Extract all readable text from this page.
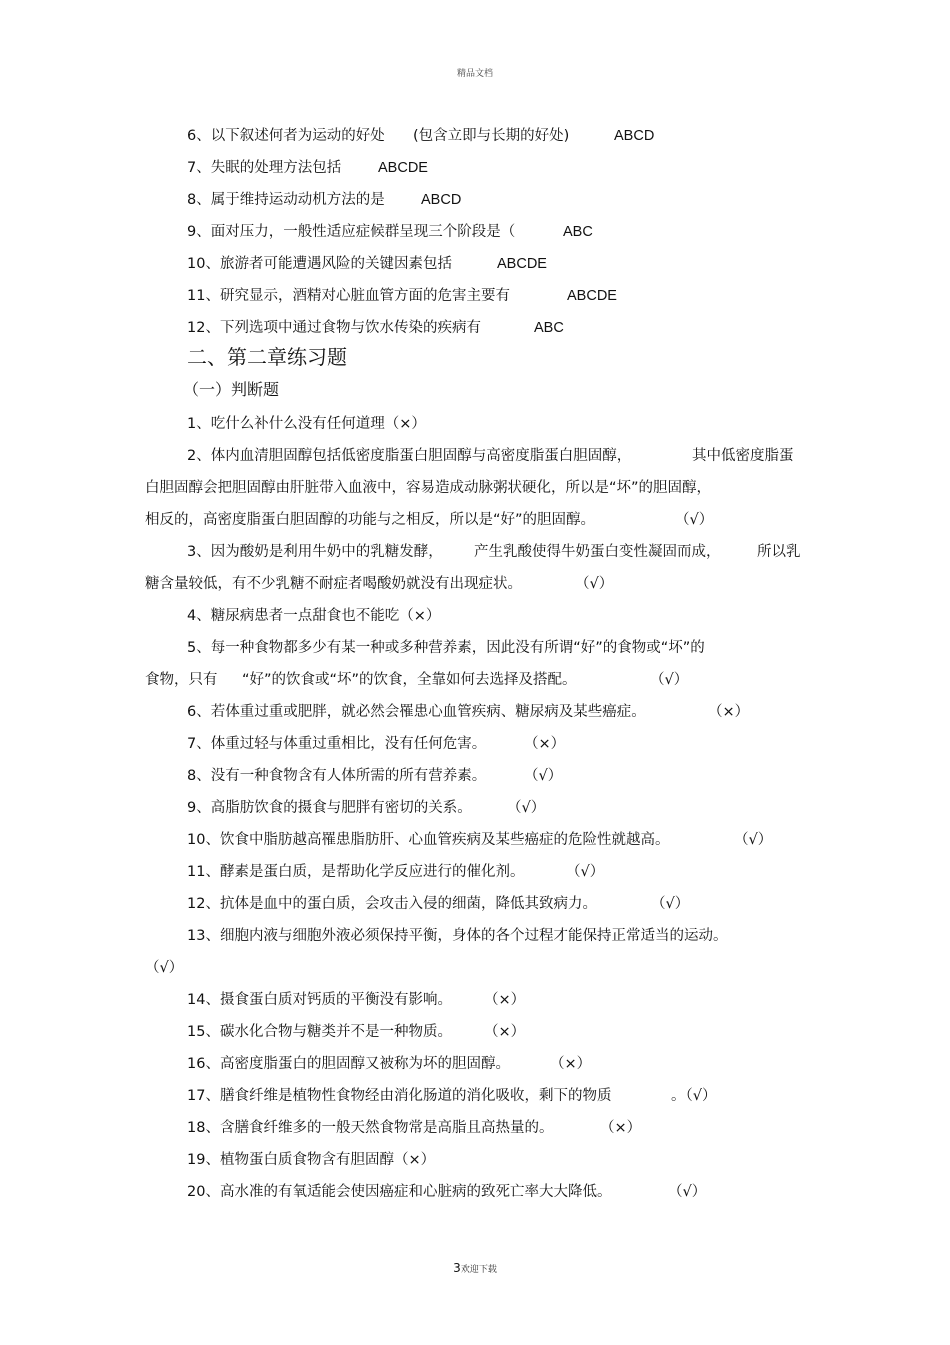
精品文档
6、以下叙述何者为运动的好处 (包含立即与长期的好处)	ABCD
7、失眠的处理方法包括	ABCDE
8、属于维持运动动机方法的是	ABCD
9、面对压力，一般性适应症候群呈现三个阶段是（	ABC
10、旅游者可能遭遇风险的关键因素包括	ABCDE
11、研究显示，酒精对心脏血管方面的危害主要有	ABCDE
12、下列选项中通过食物与饮水传染的疾病有	ABC
二、第二章练习题
（一）判断题
1、吃什么补什么没有任何道理（×）
2、体内血清胆固醇包括低密度脂蛋白胆固醇与高密度脂蛋白胆固醇，	其中低密度脂蛋
白胆固醇会把胆固醇由肝脏带入血液中，容易造成动脉粥状硬化，所以是“坏”的胆固醇，
相反的，高密度脂蛋白胆固醇的功能与之相反，所以是“好”的胆固醇。	（√）
3、因为酸奶是利用牛奶中的乳糖发酵， 产生乳酸使得牛奶蛋白变性凝固而成，	所以乳
糖含量较低，有不少乳糖不耐症者喝酸奶就没有出现症状。	（√）
4、糖尿病患者一点甜食也不能吃（×）
5、每一种食物都多少有某一种或多种营养素，因此没有所谓“好”的食物或“坏”的
食物，只有 “好”的饮食或“坏”的饮食，全靠如何去选择及搭配。	（√）
6、若体重过重或肥胖，就必然会罹患心血管疾病、糖尿病及某些癌症。	（×）
7、体重过轻与体重过重相比，没有任何危害。	（×）
8、没有一种食物含有人体所需的所有营养素。	（√）
9、高脂肪饮食的摄食与肥胖有密切的关系。 （√）
10、饮食中脂肪越高罹患脂肪肝、心血管疾病及某些癌症的危险性就越高。	（√）
11、酵素是蛋白质，是帮助化学反应进行的催化剂。	（√）
12、抗体是血中的蛋白质，会攻击入侵的细菌，降低其致病力。	（√）
13、细胞内液与细胞外液必须保持平衡，身体的各个过程才能保持正常适当的运动。
（√）
14、摄食蛋白质对钙质的平衡没有影响。 （×）
15、碳水化合物与糖类并不是一种物质。 （×）
16、高密度脂蛋白的胆固醇又被称为坏的胆固醇。	（×）
17、膳食纤维是植物性食物经由消化肠道的消化吸收，剩下的物质	。（√）
18、含膳食纤维多的一般天然食物常是高脂且高热量的。	（×）
19、植物蛋白质食物含有胆固醇（×）
20、高水准的有氧适能会使因癌症和心脏病的致死亡率大大降低。	（√）
3欢迎下载
